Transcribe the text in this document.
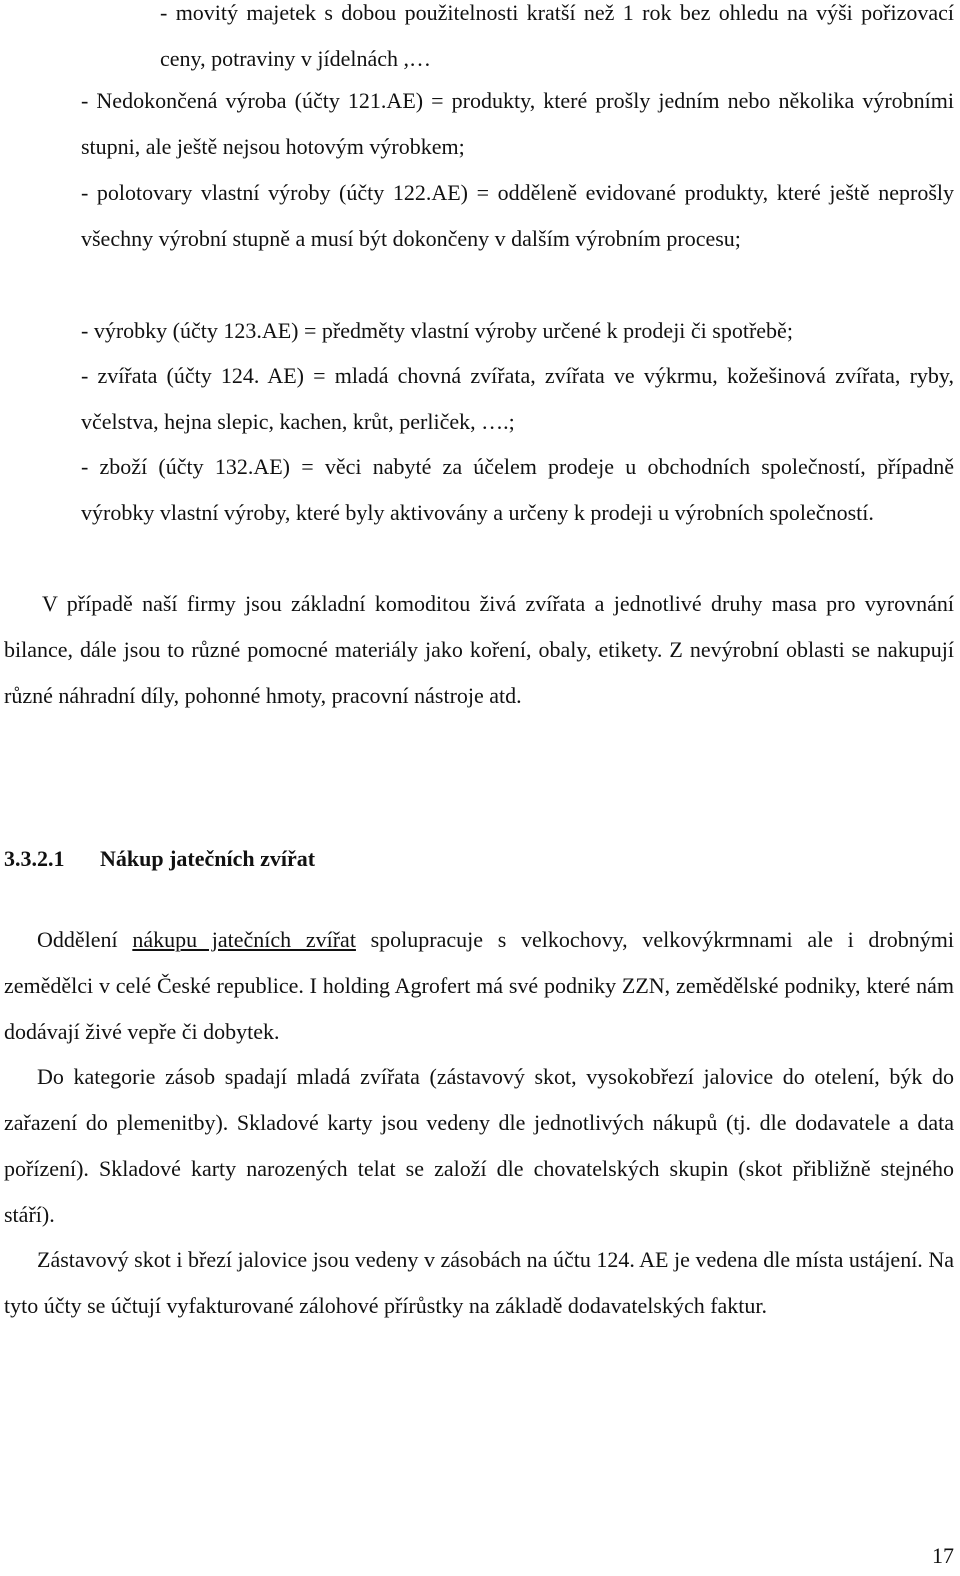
- movitý majetek s dobou použitelnosti kratší než 1 rok bez ohledu na výši pořizovací ceny, potraviny v jídelnách ,…

- Nedokončená výroba (účty 121.AE) = produkty, které prošly jedním nebo několika výrobními stupni, ale ještě nejsou hotovým výrobkem;

- polotovary vlastní výroby (účty 122.AE) = odděleně evidované produkty, které ještě neprošly všechny výrobní stupně a musí být dokončeny v dalším výrobním procesu;

- výrobky (účty 123.AE) = předměty vlastní výroby určené k prodeji či spotřebě;

- zvířata (účty 124. AE) = mladá chovná zvířata, zvířata ve výkrmu, kožešinová zvířata, ryby, včelstva, hejna slepic, kachen, krůt, perliček, ….;

- zboží (účty 132.AE) = věci nabyté za účelem prodeje u obchodních společností, případně výrobky vlastní výroby, které byly aktivovány a určeny k prodeji u výrobních společností.

V případě naší firmy jsou základní komoditou živá zvířata a jednotlivé druhy masa pro vyrovnání bilance, dále jsou to různé pomocné materiály jako koření, obaly, etikety. Z nevýrobní oblasti se nakupují různé náhradní díly, pohonné hmoty, pracovní nástroje atd.

3.3.2.1 Nákup jatečních zvířat

Oddělení nákupu jatečních zvířat spolupracuje s velkochovy, velkovýkrmnami ale i drobnými zemědělci v celé České republice. I holding Agrofert má své podniky ZZN, zemědělské podniky, které nám dodávají živé vepře či dobytek.

Do kategorie zásob spadají mladá zvířata (zástavový skot, vysokobřezí jalovice do otelení, býk do zařazení do plemenitby). Skladové karty jsou vedeny dle jednotlivých nákupů (tj. dle dodavatele a data pořízení). Skladové karty narozených telat se založí dle chovatelských skupin (skot přibližně stejného stáří).

Zástavový skot i březí jalovice jsou vedeny v zásobách na účtu 124. AE je vedena dle místa ustájení. Na tyto účty se účtují vyfakturované zálohové přírůstky na základě dodavatelských faktur.

17
